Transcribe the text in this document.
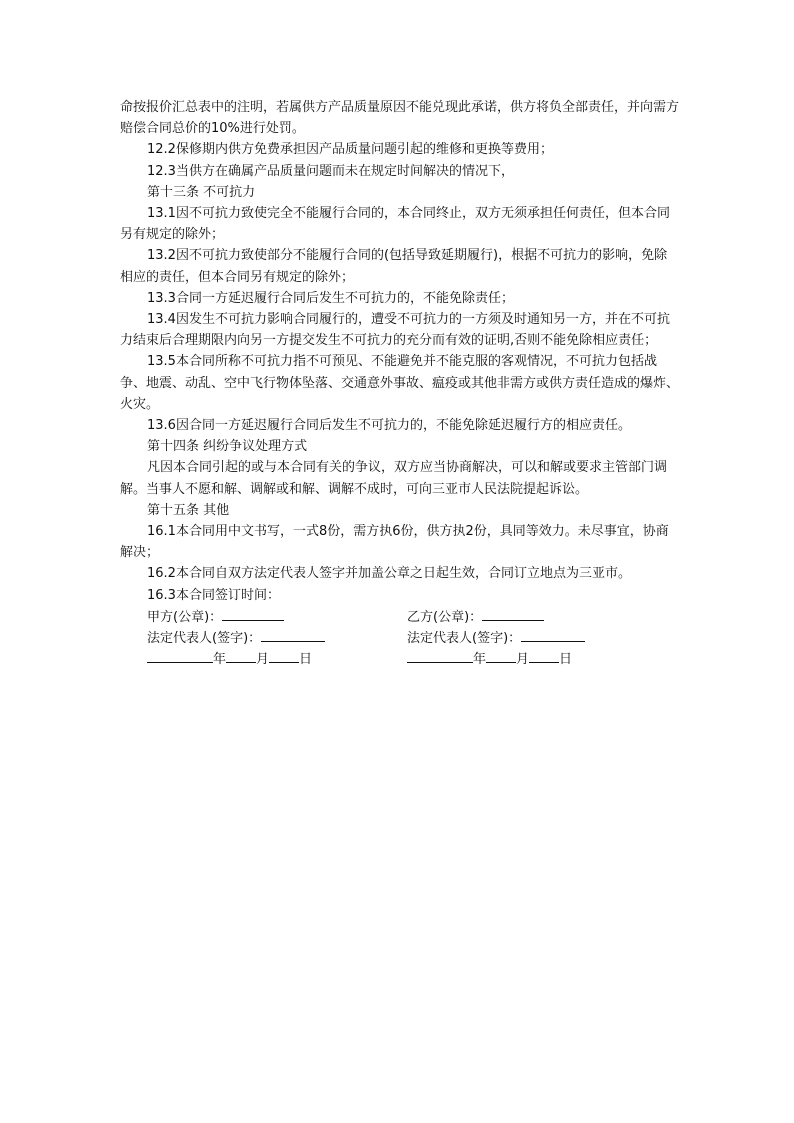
命按报价汇总表中的注明，若属供方产品质量原因不能兑现此承诺，供方将负全部责任，并向需方赔偿合同总价的10%进行处罚。

12.2保修期内供方免费承担因产品质量问题引起的维修和更换等费用；

12.3当供方在确属产品质量问题而未在规定时间解决的情况下，

第十三条 不可抗力

13.1因不可抗力致使完全不能履行合同的，本合同终止，双方无须承担任何责任，但本合同另有规定的除外；

13.2因不可抗力致使部分不能履行合同的(包括导致延期履行)，根据不可抗力的影响，免除相应的责任，但本合同另有规定的除外；

13.3合同一方延迟履行合同后发生不可抗力的，不能免除责任；

13.4因发生不可抗力影响合同履行的，遭受不可抗力的一方须及时通知另一方，并在不可抗力结束后合理期限内向另一方提交发生不可抗力的充分而有效的证明,否则不能免除相应责任；

13.5本合同所称不可抗力指不可预见、不能避免并不能克服的客观情况，不可抗力包括战争、地震、动乱、空中飞行物体坠落、交通意外事故、瘟疫或其他非需方或供方责任造成的爆炸、火灾。

13.6因合同一方延迟履行合同后发生不可抗力的，不能免除延迟履行方的相应责任。

第十四条 纠纷争议处理方式

凡因本合同引起的或与本合同有关的争议，双方应当协商解决，可以和解或要求主管部门调解。当事人不愿和解、调解或和解、调解不成时，可向三亚市人民法院提起诉讼。

第十五条 其他

16.1本合同用中文书写，一式8份，需方执6份，供方执2份，具同等效力。未尽事宜，协商解决；

16.2本合同自双方法定代表人签字并加盖公章之日起生效，合同订立地点为三亚市。

16.3本合同签订时间：

甲方(公章)：	乙方(公章)：
法定代表人(签字)：	法定代表人(签字)：
年 月 日	年 月 日
